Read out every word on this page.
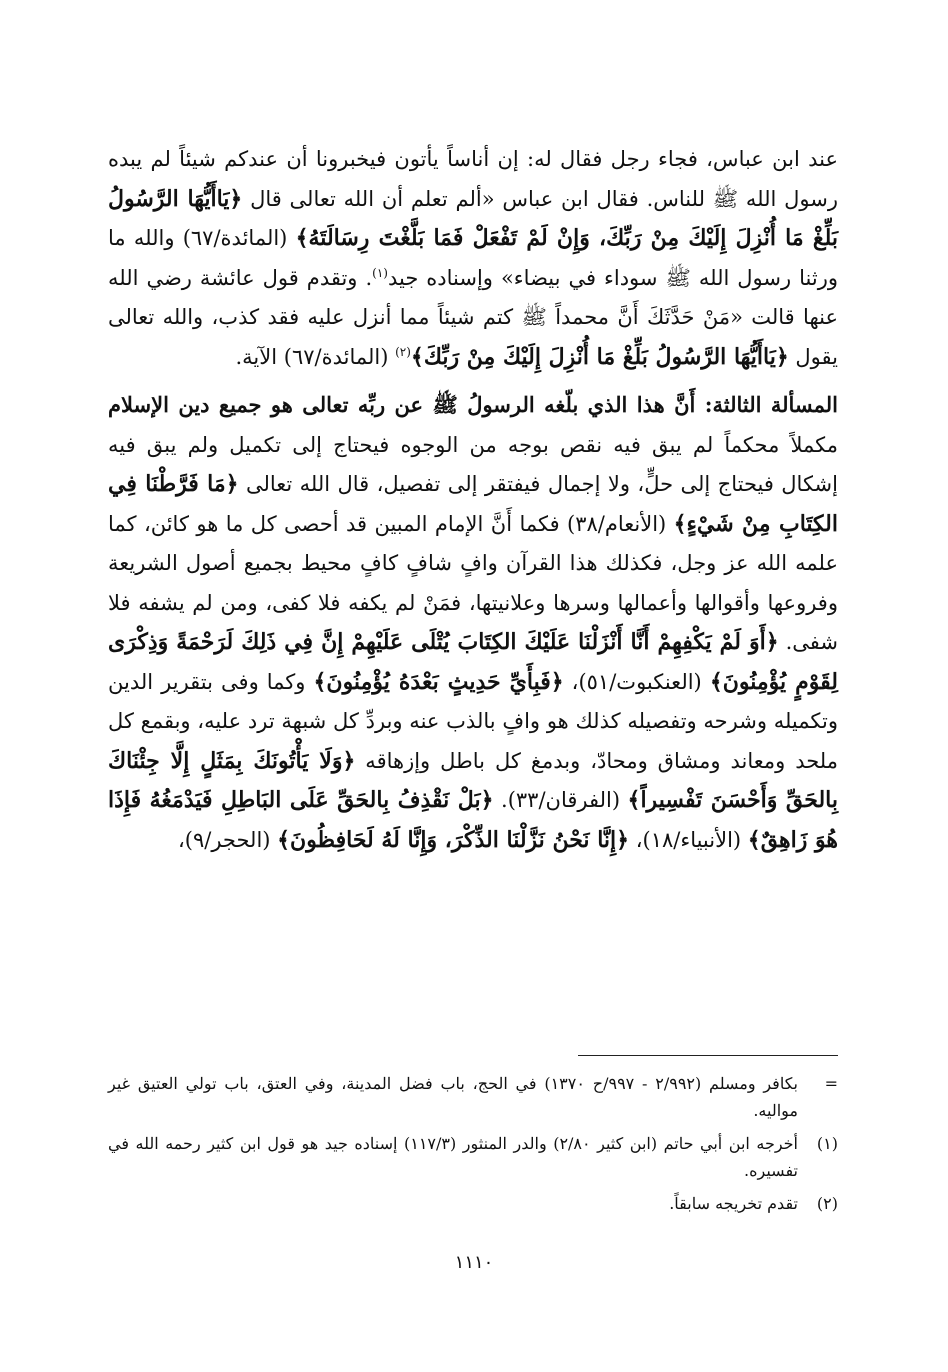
عند ابن عباس، فجاء رجل فقال له: إن أناساً يأتون فيخبرونا أن عندكم شيئاً لم يبده رسول الله ﷺ للناس. فقال ابن عباس «ألم تعلم أن الله تعالى قال ﴿يَاأَيُّهَا الرَّسُولُ بَلِّغْ مَا أُنْزِلَ إِلَيْكَ مِنْ رَبِّكَ، وَإِنْ لَمْ تَفْعَلْ فَمَا بَلَّغْتَ رِسَالَتَهُ﴾ (المائدة/٦٧) والله ما ورثنا رسول الله ﷺ سوداء في بيضاء» وإسناده جيد$^{(١)}$. وتقدم قول عائشة رضي الله عنها قالت «مَنْ حَدَّثَكَ أَنَّ محمداً ﷺ كتم شيئاً مما أنزل عليه فقد كذب، والله تعالى يقول ﴿يَاأَيُّهَا الرَّسُولُ بَلِّغْ مَا أُنْزِلَ إِلَيْكَ مِنْ رَبِّكَ﴾$^{(٢)}$ (المائدة/٦٧) الآية.

المسألة الثالثة: أَنَّ هذا الذي بلّغه الرسولُ ﷺ عن ربِّه تعالى هو جميع دين الإسلام مكملاً محكماً لم يبق فيه نقص بوجه من الوجوه فيحتاج إلى تكميل ولم يبق فيه إشكال فيحتاج إلى حلٍّ، ولا إجمال فيفتقر إلى تفصيل، قال الله تعالى ﴿مَا فَرَّطْنَا فِي الكِتَابِ مِنْ شَيْءٍ﴾ (الأنعام/٣٨) فكما أَنَّ الإمام المبين قد أحصى كل ما هو كائن، كما علمه الله عز وجل، فكذلك هذا القرآن وافٍ شافٍ كافٍ محيط بجميع أصول الشريعة وفروعها وأقوالها وأعمالها وسرها وعلانيتها، فمَنْ لم يكفه فلا كفى، ومن لم يشفه فلا شفى. ﴿أَوَ لَمْ يَكْفِهِمْ أَنَّا أَنْزَلْنَا عَلَيْكَ الكِتَابَ يُتْلَى عَلَيْهِمْ إِنَّ فِي ذَلِكَ لَرَحْمَةً وَذِكْرَى لِقَوْمٍ يُؤْمِنُونَ﴾ (العنكبوت/٥١)، ﴿فَبِأَيِّ حَدِيثٍ بَعْدَهُ يُؤْمِنُونَ﴾ وكما وفى بتقرير الدين وتكميله وشرحه وتفصيله كذلك هو وافٍ بالذب عنه وبردِّ كل شبهة ترد عليه، وبقمع كل ملحد ومعاند ومشاق ومحادّ، وبدمغ كل باطل وإزهاقه ﴿وَلَا يَأْتُونَكَ بِمَثَلٍ إِلَّا جِئْنَاكَ بِالحَقِّ وَأَحْسَنَ تَفْسِيراً﴾ (الفرقان/٣٣). ﴿بَلْ نَقْذِفُ بِالحَقِّ عَلَى البَاطِلِ فَيَدْمَغُهُ فَإِذَا هُوَ زَاهِقٌ﴾ (الأنبياء/١٨)، ﴿إِنَّا نَحْنُ نَزَّلْنَا الذِّكْرَ، وَإِنَّا لَهُ لَحَافِظُونَ﴾ (الحجر/٩)،

=
بكافر ومسلم (٢/٩٩٢ - ٩٩٧/ح ١٣٧٠) في الحج، باب فضل المدينة، وفي العتق، باب تولي العتيق غير مواليه.
(١)
أخرجه ابن أبي حاتم (ابن كثير ٢/٨٠) والدر المنثور (١١٧/٣) إسناده جيد هو قول ابن كثير رحمه الله في تفسيره.
(٢)
تقدم تخريجه سابقاً.
١١١٠
